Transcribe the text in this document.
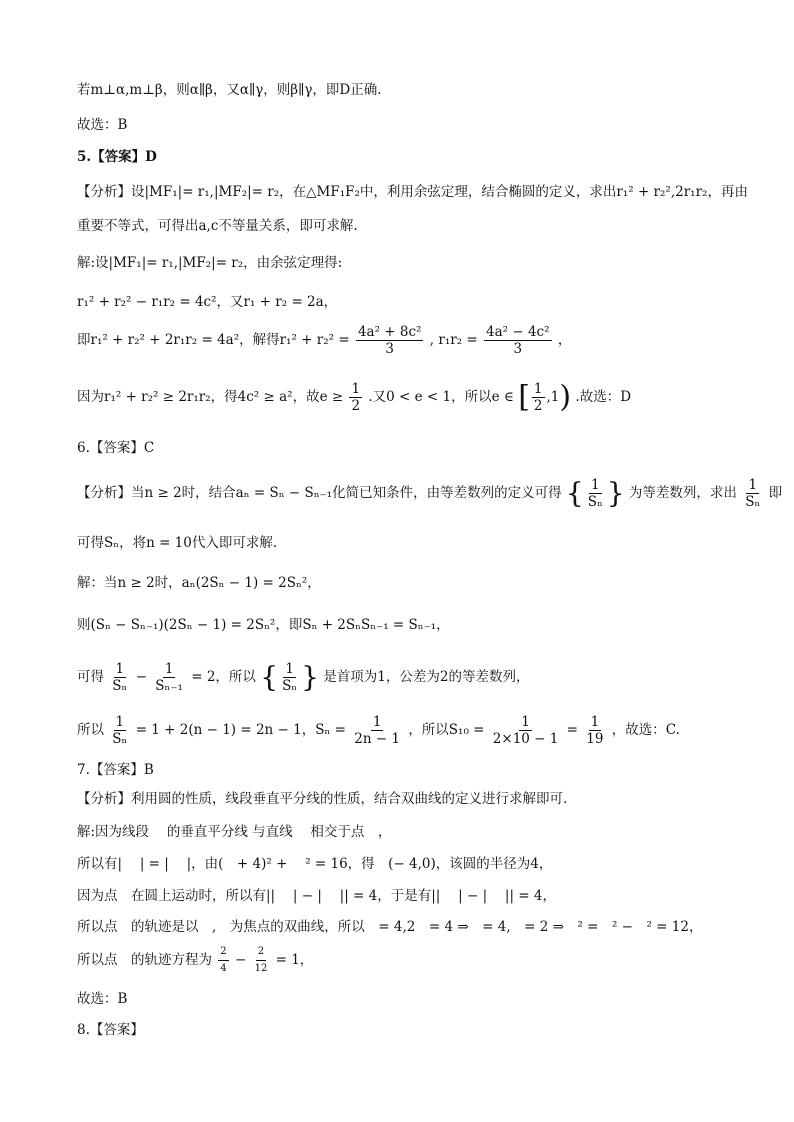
若m⊥α,m⊥β，则α∥β，又α∥γ，则β∥γ，即D正确.
故选：B
5.【答案】D
【分析】设|MF₁|= r₁,|MF₂|= r₂，在△MF₁F₂中，利用余弦定理，结合椭圆的定义，求出r₁² + r₂²,2r₁r₂，再由
重要不等式，可得出a,c不等量关系，即可求解.
解:设|MF₁|= r₁,|MF₂|= r₂，由余弦定理得:
r₁² + r₂² − r₁r₂ = 4c²，又r₁ + r₂ = 2a，
即r₁² + r₂² + 2r₁r₂ = 4a²，解得$r_1^2 + r_2^2 = \frac{\text{4a² + 8c²}}{3}$ , $r_1r_2 = \frac{\text{4a² − 4c²}}{3}$ ，
因为r₁² + r₂² ≥ 2r₁r₂，得4c² ≥ a²，故$e \ge \frac{1}{2}$ .又0 < e < 1，所以e ∈ [ $\frac{1}{2} ,1$) .故选：D
6.【答案】C
【分析】当n ≥ 2时，结合aₙ = Sₙ − Sₙ₋₁化简已知条件，由等差数列的定义可得 { $\frac{1}{\text{Sₙ}}$ } 为等差数列，求出 $\frac{1}{\text{Sₙ}}$ 即
可得Sₙ，将n = 10代入即可求解.
解：当n ≥ 2时，aₙ(2Sₙ − 1) = 2Sₙ²，
则(Sₙ − Sₙ₋₁)(2Sₙ − 1) = 2Sₙ²，即Sₙ + 2SₙSₙ₋₁ = Sₙ₋₁，
可得 $\frac{1}{\text{Sₙ}} - \frac{1}{\text{Sₙ₋₁}} = 2$，所以 { $\frac{1}{\text{Sₙ}}$ } 是首项为1，公差为2的等差数列，
所以 $\frac{1}{\text{Sₙ}} = 1 + 2(n - 1) = 2n - 1$，$S_n = \frac{1}{2n - 1}$ ，所以$S_{10} = \frac{1}{2\times 10 - 1} = \frac{1}{19}$ ，故选：C.
7.【答案】B
【分析】利用圆的性质，线段垂直平分线的性质，结合双曲线的定义进行求解即可.
解:因为线段　 的垂直平分线 与直线　 相交于点　，
所以有|　 | = |　 |，由(　+ 4)² +　 ² = 16，得　(− 4,0)，该圆的半径为4，
因为点　在圆上运动时，所以有||　 | − |　 || = 4，于是有||　 | − |　 || = 4，
所以点　的轨迹是以　,　为焦点的双曲线，所以　= 4,2　= 4 ⇒　= 4,　= 2 ⇒　² =　² −　² = 12，
所以点　的轨迹方程为 $\frac{2}{4} - \frac{2}{12} = 1$，
故选：B
8.【答案】
